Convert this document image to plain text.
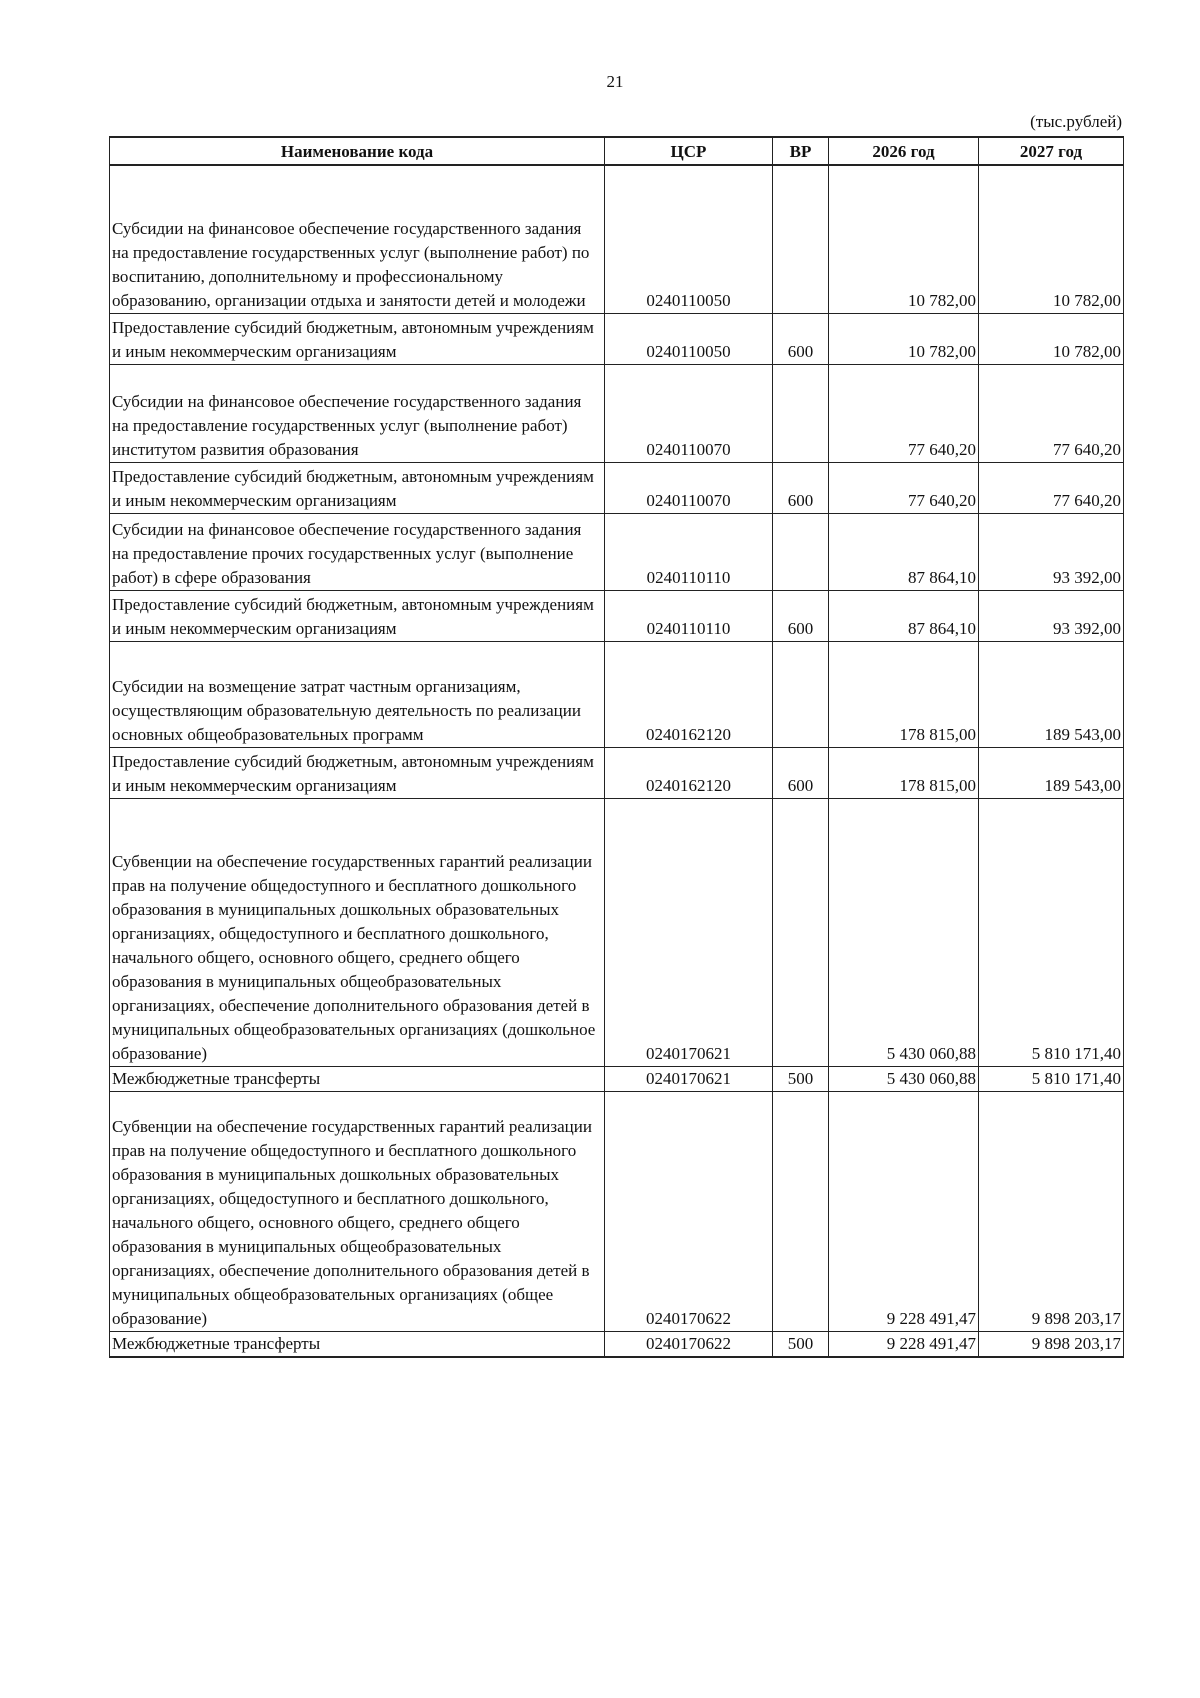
21
(тыс.рублей)
Наименование кода	ЦСР	ВР	2026 год	2027 год
Субсидии на финансовое обеспечение государственного задания на предоставление государственных услуг (выполнение работ) по воспитанию, дополнительному и профессиональному образованию, организации отдыха и занятости детей и молодежи	0240110050		10 782,00	10 782,00
Предоставление субсидий бюджетным, автономным учреждениям и иным некоммерческим организациям	0240110050	600	10 782,00	10 782,00
Субсидии на финансовое обеспечение государственного задания на предоставление государственных услуг (выполнение работ) институтом развития образования	0240110070		77 640,20	77 640,20
Предоставление субсидий бюджетным, автономным учреждениям и иным некоммерческим организациям	0240110070	600	77 640,20	77 640,20
Субсидии на финансовое обеспечение государственного задания на предоставление прочих государственных услуг (выполнение работ) в сфере образования	0240110110		87 864,10	93 392,00
Предоставление субсидий бюджетным, автономным учреждениям и иным некоммерческим организациям	0240110110	600	87 864,10	93 392,00
Субсидии на возмещение затрат частным организациям, осуществляющим образовательную деятельность по реализации основных общеобразовательных программ	0240162120		178 815,00	189 543,00
Предоставление субсидий бюджетным, автономным учреждениям и иным некоммерческим организациям	0240162120	600	178 815,00	189 543,00
Субвенции на обеспечение государственных гарантий реализации прав на получение общедоступного и бесплатного дошкольного образования в муниципальных дошкольных образовательных организациях, общедоступного и бесплатного дошкольного, начального общего, основного общего, среднего общего образования в муниципальных общеобразовательных организациях, обеспечение дополнительного образования детей в муниципальных общеобразовательных организациях (дошкольное образование)	0240170621		5 430 060,88	5 810 171,40
Межбюджетные трансферты	0240170621	500	5 430 060,88	5 810 171,40
Субвенции на обеспечение государственных гарантий реализации прав на получение общедоступного и бесплатного дошкольного образования в муниципальных дошкольных образовательных организациях, общедоступного и бесплатного дошкольного, начального общего, основного общего, среднего общего образования в муниципальных общеобразовательных организациях, обеспечение дополнительного образования детей в муниципальных общеобразовательных организациях (общее образование)	0240170622		9 228 491,47	9 898 203,17
Межбюджетные трансферты	0240170622	500	9 228 491,47	9 898 203,17
